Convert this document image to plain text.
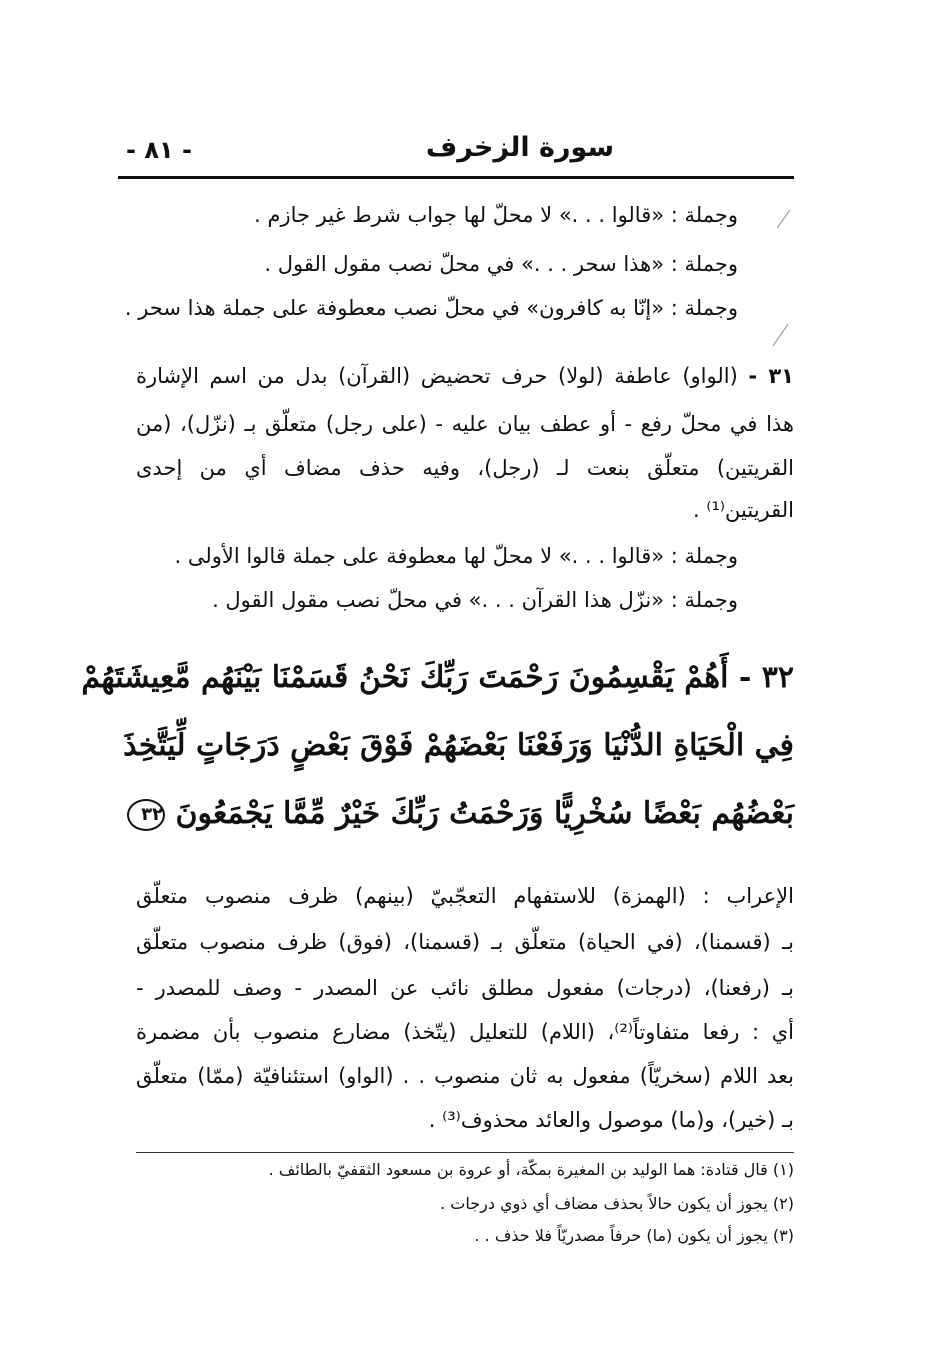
سورة الزخرف
- ٨١ -
وجملة : «قالوا . . .» لا محلّ لها جواب شرط غير جازم .
وجملة : «هذا سحر . . .» في محلّ نصب مقول القول .
وجملة : «إنّا به كافرون» في محلّ نصب معطوفة على جملة هذا سحر .
٣١ - (الواو) عاطفة (لولا) حرف تحضيض (القرآن) بدل من اسم الإشارة
هذا في محلّ رفع - أو عطف بيان عليه - (على رجل) متعلّق بـ (نزّل)، (من
القريتين) متعلّق بنعت لـ (رجل)، وفيه حذف مضاف أي من إحدى
القريتين⁽¹⁾ .
وجملة : «قالوا . . .» لا محلّ لها معطوفة على جملة قالوا الأولى .
وجملة : «نزّل هذا القرآن . . .» في محلّ نصب مقول القول .
٣٢ - أَهُمْ يَقْسِمُونَ رَحْمَتَ رَبِّكَ نَحْنُ قَسَمْنَا بَيْنَهُم مَّعِيشَتَهُمْ
فِي الْحَيَاةِ الدُّنْيَا وَرَفَعْنَا بَعْضَهُمْ فَوْقَ بَعْضٍ دَرَجَاتٍ لِّيَتَّخِذَ
بَعْضُهُم بَعْضًا سُخْرِيًّا وَرَحْمَتُ رَبِّكَ خَيْرٌ مِّمَّا يَجْمَعُونَ ٣٢
الإعراب : (الهمزة) للاستفهام التعجّبيّ (بينهم) ظرف منصوب متعلّق
بـ (قسمنا)، (في الحياة) متعلّق بـ (قسمنا)، (فوق) ظرف منصوب متعلّق
بـ (رفعنا)، (درجات) مفعول مطلق نائب عن المصدر - وصف للمصدر -
أي : رفعا متفاوتاً⁽²⁾، (اللام) للتعليل (يتّخذ) مضارع منصوب بأن مضمرة
بعد اللام (سخريّاً) مفعول به ثان منصوب . . (الواو) استئنافيّة (ممّا) متعلّق
بـ (خير)، و(ما) موصول والعائد محذوف⁽³⁾ .
(١) قال قتادة: هما الوليد بن المغيرة بمكّة، أو عروة بن مسعود الثقفيّ بالطائف .
(٢) يجوز أن يكون حالاً بحذف مضاف أي ذوي درجات .
(٣) يجوز أن يكون (ما) حرفاً مصدريّاً فلا حذف . .
